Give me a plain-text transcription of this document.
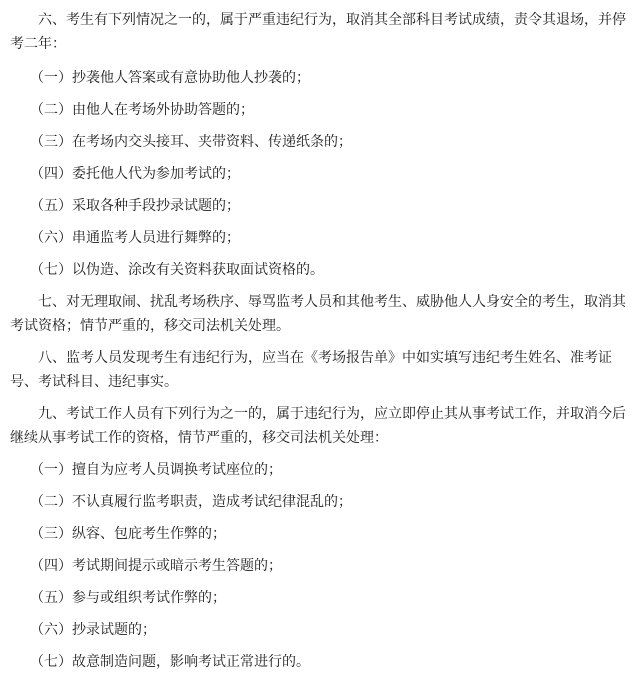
六、考生有下列情况之一的，属于严重违纪行为，取消其全部科目考试成绩，责令其退场，并停考二年：

（一）抄袭他人答案或有意协助他人抄袭的；

（二）由他人在考场外协助答题的；

（三）在考场内交头接耳、夹带资料、传递纸条的；

（四）委托他人代为参加考试的；

（五）采取各种手段抄录试题的；

（六）串通监考人员进行舞弊的；

（七）以伪造、涂改有关资料获取面试资格的。

七、对无理取闹、扰乱考场秩序、辱骂监考人员和其他考生、威胁他人人身安全的考生，取消其考试资格；情节严重的，移交司法机关处理。

八、监考人员发现考生有违纪行为，应当在《考场报告单》中如实填写违纪考生姓名、准考证号、考试科目、违纪事实。

九、考试工作人员有下列行为之一的，属于违纪行为，应立即停止其从事考试工作，并取消今后继续从事考试工作的资格，情节严重的，移交司法机关处理：

（一）擅自为应考人员调换考试座位的；

（二）不认真履行监考职责，造成考试纪律混乱的；

（三）纵容、包庇考生作弊的；

（四）考试期间提示或暗示考生答题的；

（五）参与或组织考试作弊的；

（六）抄录试题的；

（七）故意制造问题，影响考试正常进行的。
